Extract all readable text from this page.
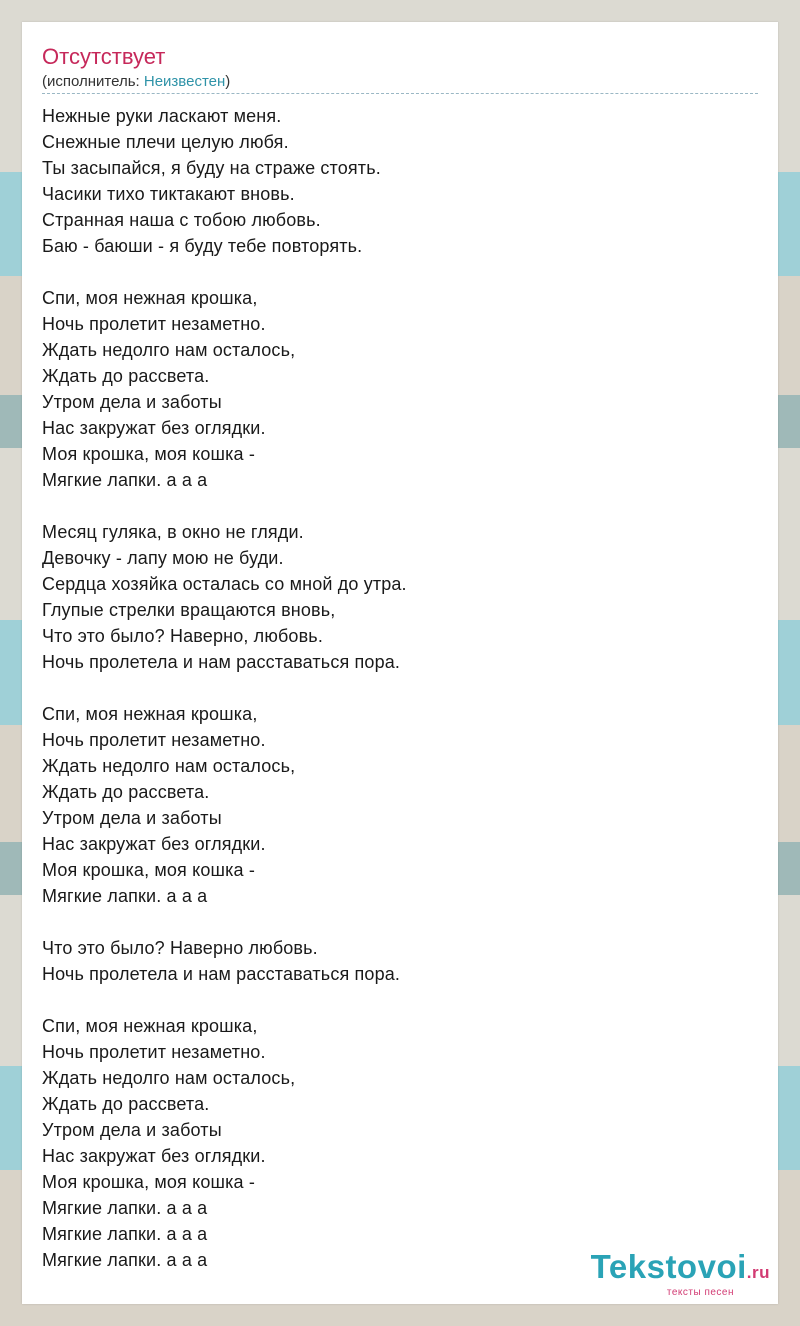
Отсутствует
(исполнитель: Неизвестен)
Нежные руки ласкают меня.
Снежные плечи целую любя.
Ты засыпайся, я буду на страже стоять.
Часики тихо тиктакают вновь.
Странная наша с тобою любовь.
Баю - баюши - я буду тебе повторять.
Спи, моя нежная крошка,
Ночь пролетит незаметно.
Ждать недолго нам осталось,
Ждать до рассвета.
Утром дела и заботы
Нас закружат без оглядки.
Моя крошка, моя кошка -
Мягкие лапки. а а а
Месяц гуляка, в окно не гляди.
Девочку - лапу мою не буди.
Сердца хозяйка осталась со мной до утра.
Глупые стрелки вращаются вновь,
Что это было? Наверно, любовь.
Ночь пролетела и нам расставаться пора.
Спи, моя нежная крошка,
Ночь пролетит незаметно.
Ждать недолго нам осталось,
Ждать до рассвета.
Утром дела и заботы
Нас закружат без оглядки.
Моя крошка, моя кошка -
Мягкие лапки. а а а
Что это было? Наверно любовь.
Ночь пролетела и нам расставаться пора.
Спи, моя нежная крошка,
Ночь пролетит незаметно.
Ждать недолго нам осталось,
Ждать до рассвета.
Утром дела и заботы
Нас закружат без оглядки.
Моя крошка, моя кошка -
Мягкие лапки. а а а
Мягкие лапки. а а а
Мягкие лапки. а а а	Tekstovoi.ru
тексты песен
